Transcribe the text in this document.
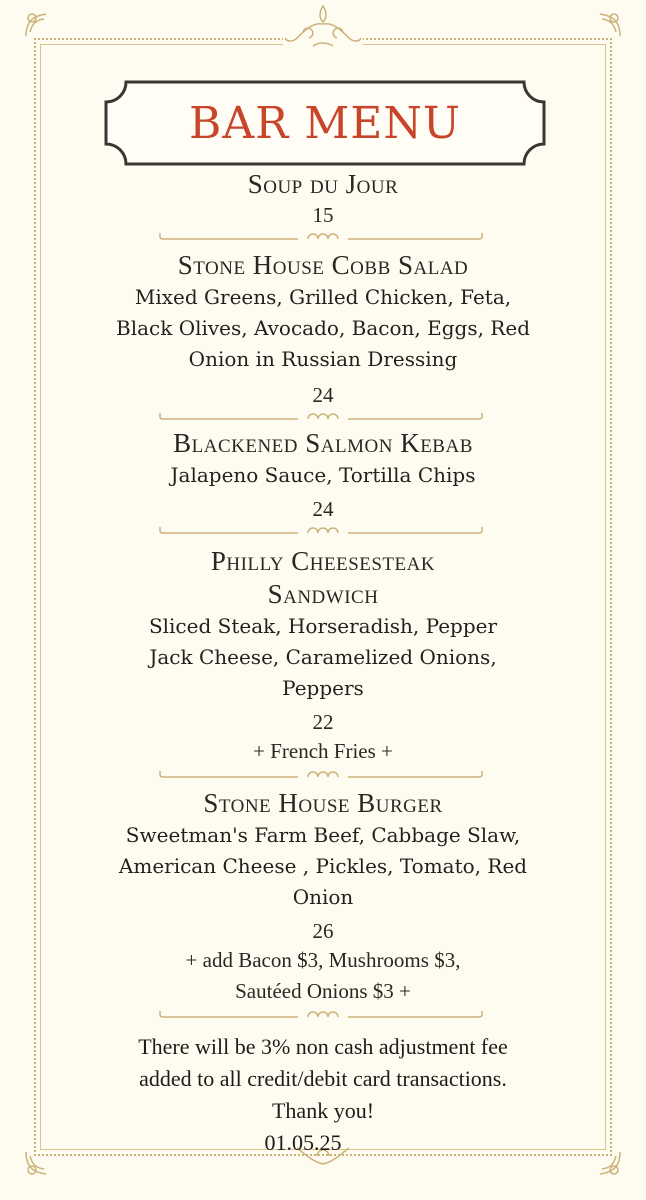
BAR MENU
Soup du Jour
15
Stone House Cobb Salad
Mixed Greens, Grilled Chicken, Feta, Black Olives, Avocado, Bacon, Eggs, Red Onion in Russian Dressing
24
Blackened Salmon Kebab
Jalapeno Sauce, Tortilla Chips
24
Philly Cheesesteak Sandwich
Sliced Steak, Horseradish, Pepper Jack Cheese, Caramelized Onions, Peppers
22
+ French Fries +
Stone House Burger
Sweetman's Farm Beef, Cabbage Slaw, American Cheese , Pickles, Tomato, Red Onion
26
+ add Bacon $3, Mushrooms $3, Sautéed Onions $3 +
There will be 3% non cash adjustment fee
added to all credit/debit card transactions.
Thank you!
01.05.25
